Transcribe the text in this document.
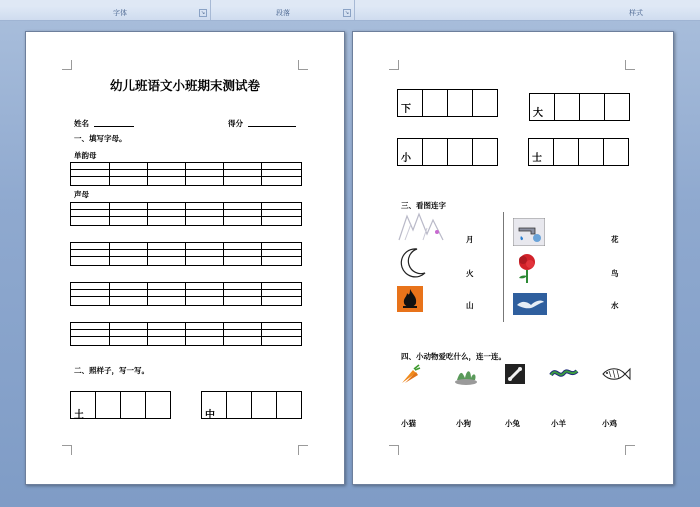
字体	↘	段落	↘	样式
幼儿班语文小班期末测试卷
姓名	得分
一、填写字母。
单韵母
声母
二、照样子，写一写。
土	中
下	大
小	士
三、看图连字
月
火
山
花
鸟
水
四、小动物爱吃什么，连一连。
小猫	小狗	小兔	小羊	小鸡
